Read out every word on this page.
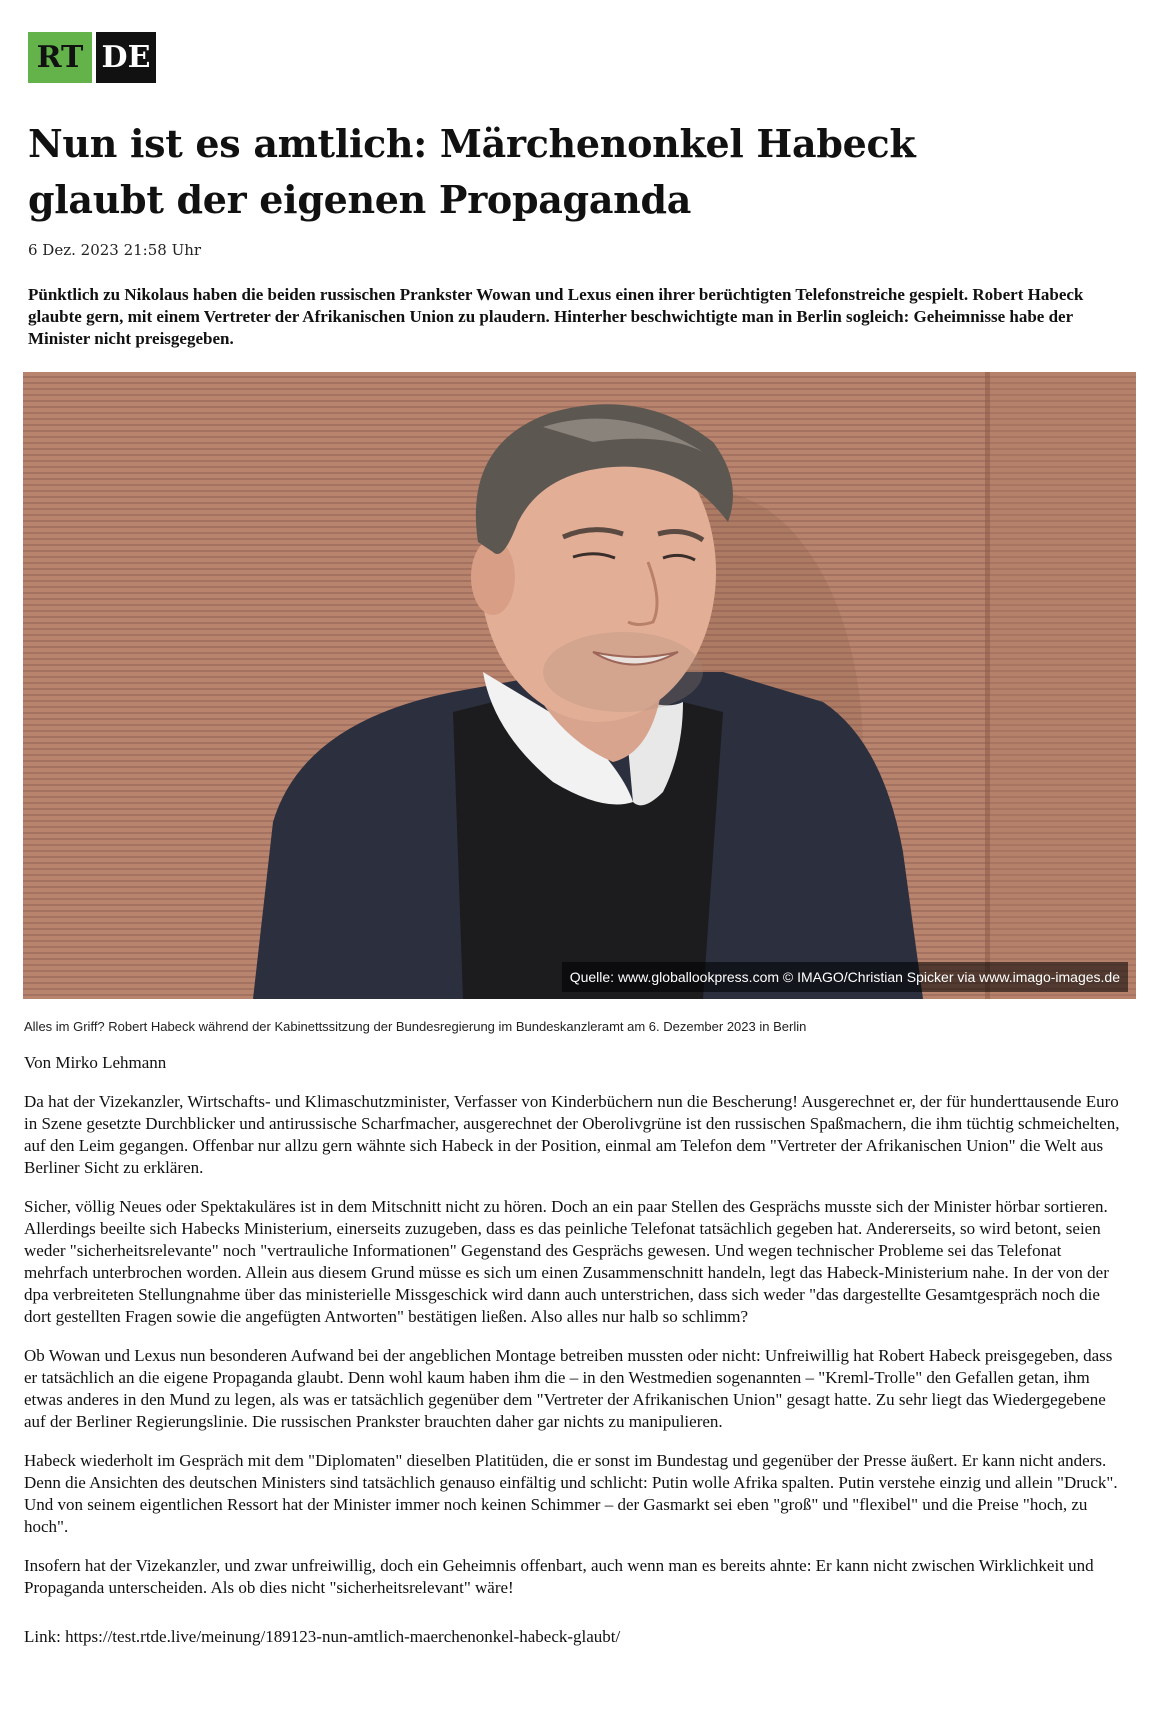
RT DE
Nun ist es amtlich: Märchenonkel Habeck glaubt der eigenen Propaganda
6 Dez. 2023 21:58 Uhr
Pünktlich zu Nikolaus haben die beiden russischen Prankster Wowan und Lexus einen ihrer berüchtigten Telefonstreiche gespielt. Robert Habeck glaubte gern, mit einem Vertreter der Afrikanischen Union zu plaudern. Hinterher beschwichtigte man in Berlin sogleich: Geheimnisse habe der Minister nicht preisgegeben.
Quelle: www.globallookpress.com © IMAGO/Christian Spicker via www.imago-images.de
Alles im Griff? Robert Habeck während der Kabinettssitzung der Bundesregierung im Bundeskanzleramt am 6. Dezember 2023 in Berlin
Von Mirko Lehmann

Da hat der Vizekanzler, Wirtschafts- und Klimaschutzminister, Verfasser von Kinderbüchern nun die Bescherung! Ausgerechnet er, der für hunderttausende Euro in Szene gesetzte Durchblicker und antirussische Scharfmacher, ausgerechnet der Oberolivgrüne ist den russischen Spaßmachern, die ihm tüchtig schmeichelten, auf den Leim gegangen. Offenbar nur allzu gern wähnte sich Habeck in der Position, einmal am Telefon dem "Vertreter der Afrikanischen Union" die Welt aus Berliner Sicht zu erklären.

Sicher, völlig Neues oder Spektakuläres ist in dem Mitschnitt nicht zu hören. Doch an ein paar Stellen des Gesprächs musste sich der Minister hörbar sortieren. Allerdings beeilte sich Habecks Ministerium, einerseits zuzugeben, dass es das peinliche Telefonat tatsächlich gegeben hat. Andererseits, so wird betont, seien weder "sicherheitsrelevante" noch "vertrauliche Informationen" Gegenstand des Gesprächs gewesen. Und wegen technischer Probleme sei das Telefonat mehrfach unterbrochen worden. Allein aus diesem Grund müsse es sich um einen Zusammenschnitt handeln, legt das Habeck-Ministerium nahe. In der von der dpa verbreiteten Stellungnahme über das ministerielle Missgeschick wird dann auch unterstrichen, dass sich weder "das dargestellte Gesamtgespräch noch die dort gestellten Fragen sowie die angefügten Antworten" bestätigen ließen. Also alles nur halb so schlimm?

Ob Wowan und Lexus nun besonderen Aufwand bei der angeblichen Montage betreiben mussten oder nicht: Unfreiwillig hat Robert Habeck preisgegeben, dass er tatsächlich an die eigene Propaganda glaubt. Denn wohl kaum haben ihm die – in den Westmedien sogenannten – "Kreml-Trolle" den Gefallen getan, ihm etwas anderes in den Mund zu legen, als was er tatsächlich gegenüber dem "Vertreter der Afrikanischen Union" gesagt hatte. Zu sehr liegt das Wiedergegebene auf der Berliner Regierungslinie. Die russischen Prankster brauchten daher gar nichts zu manipulieren.

Habeck wiederholt im Gespräch mit dem "Diplomaten" dieselben Platitüden, die er sonst im Bundestag und gegenüber der Presse äußert. Er kann nicht anders. Denn die Ansichten des deutschen Ministers sind tatsächlich genauso einfältig und schlicht: Putin wolle Afrika spalten. Putin verstehe einzig und allein "Druck". Und von seinem eigentlichen Ressort hat der Minister immer noch keinen Schimmer – der Gasmarkt sei eben "groß" und "flexibel" und die Preise "hoch, zu hoch".

Insofern hat der Vizekanzler, und zwar unfreiwillig, doch ein Geheimnis offenbart, auch wenn man es bereits ahnte: Er kann nicht zwischen Wirklichkeit und Propaganda unterscheiden. Als ob dies nicht "sicherheitsrelevant" wäre!

Link: https://test.rtde.live/meinung/189123-nun-amtlich-maerchenonkel-habeck-glaubt/
